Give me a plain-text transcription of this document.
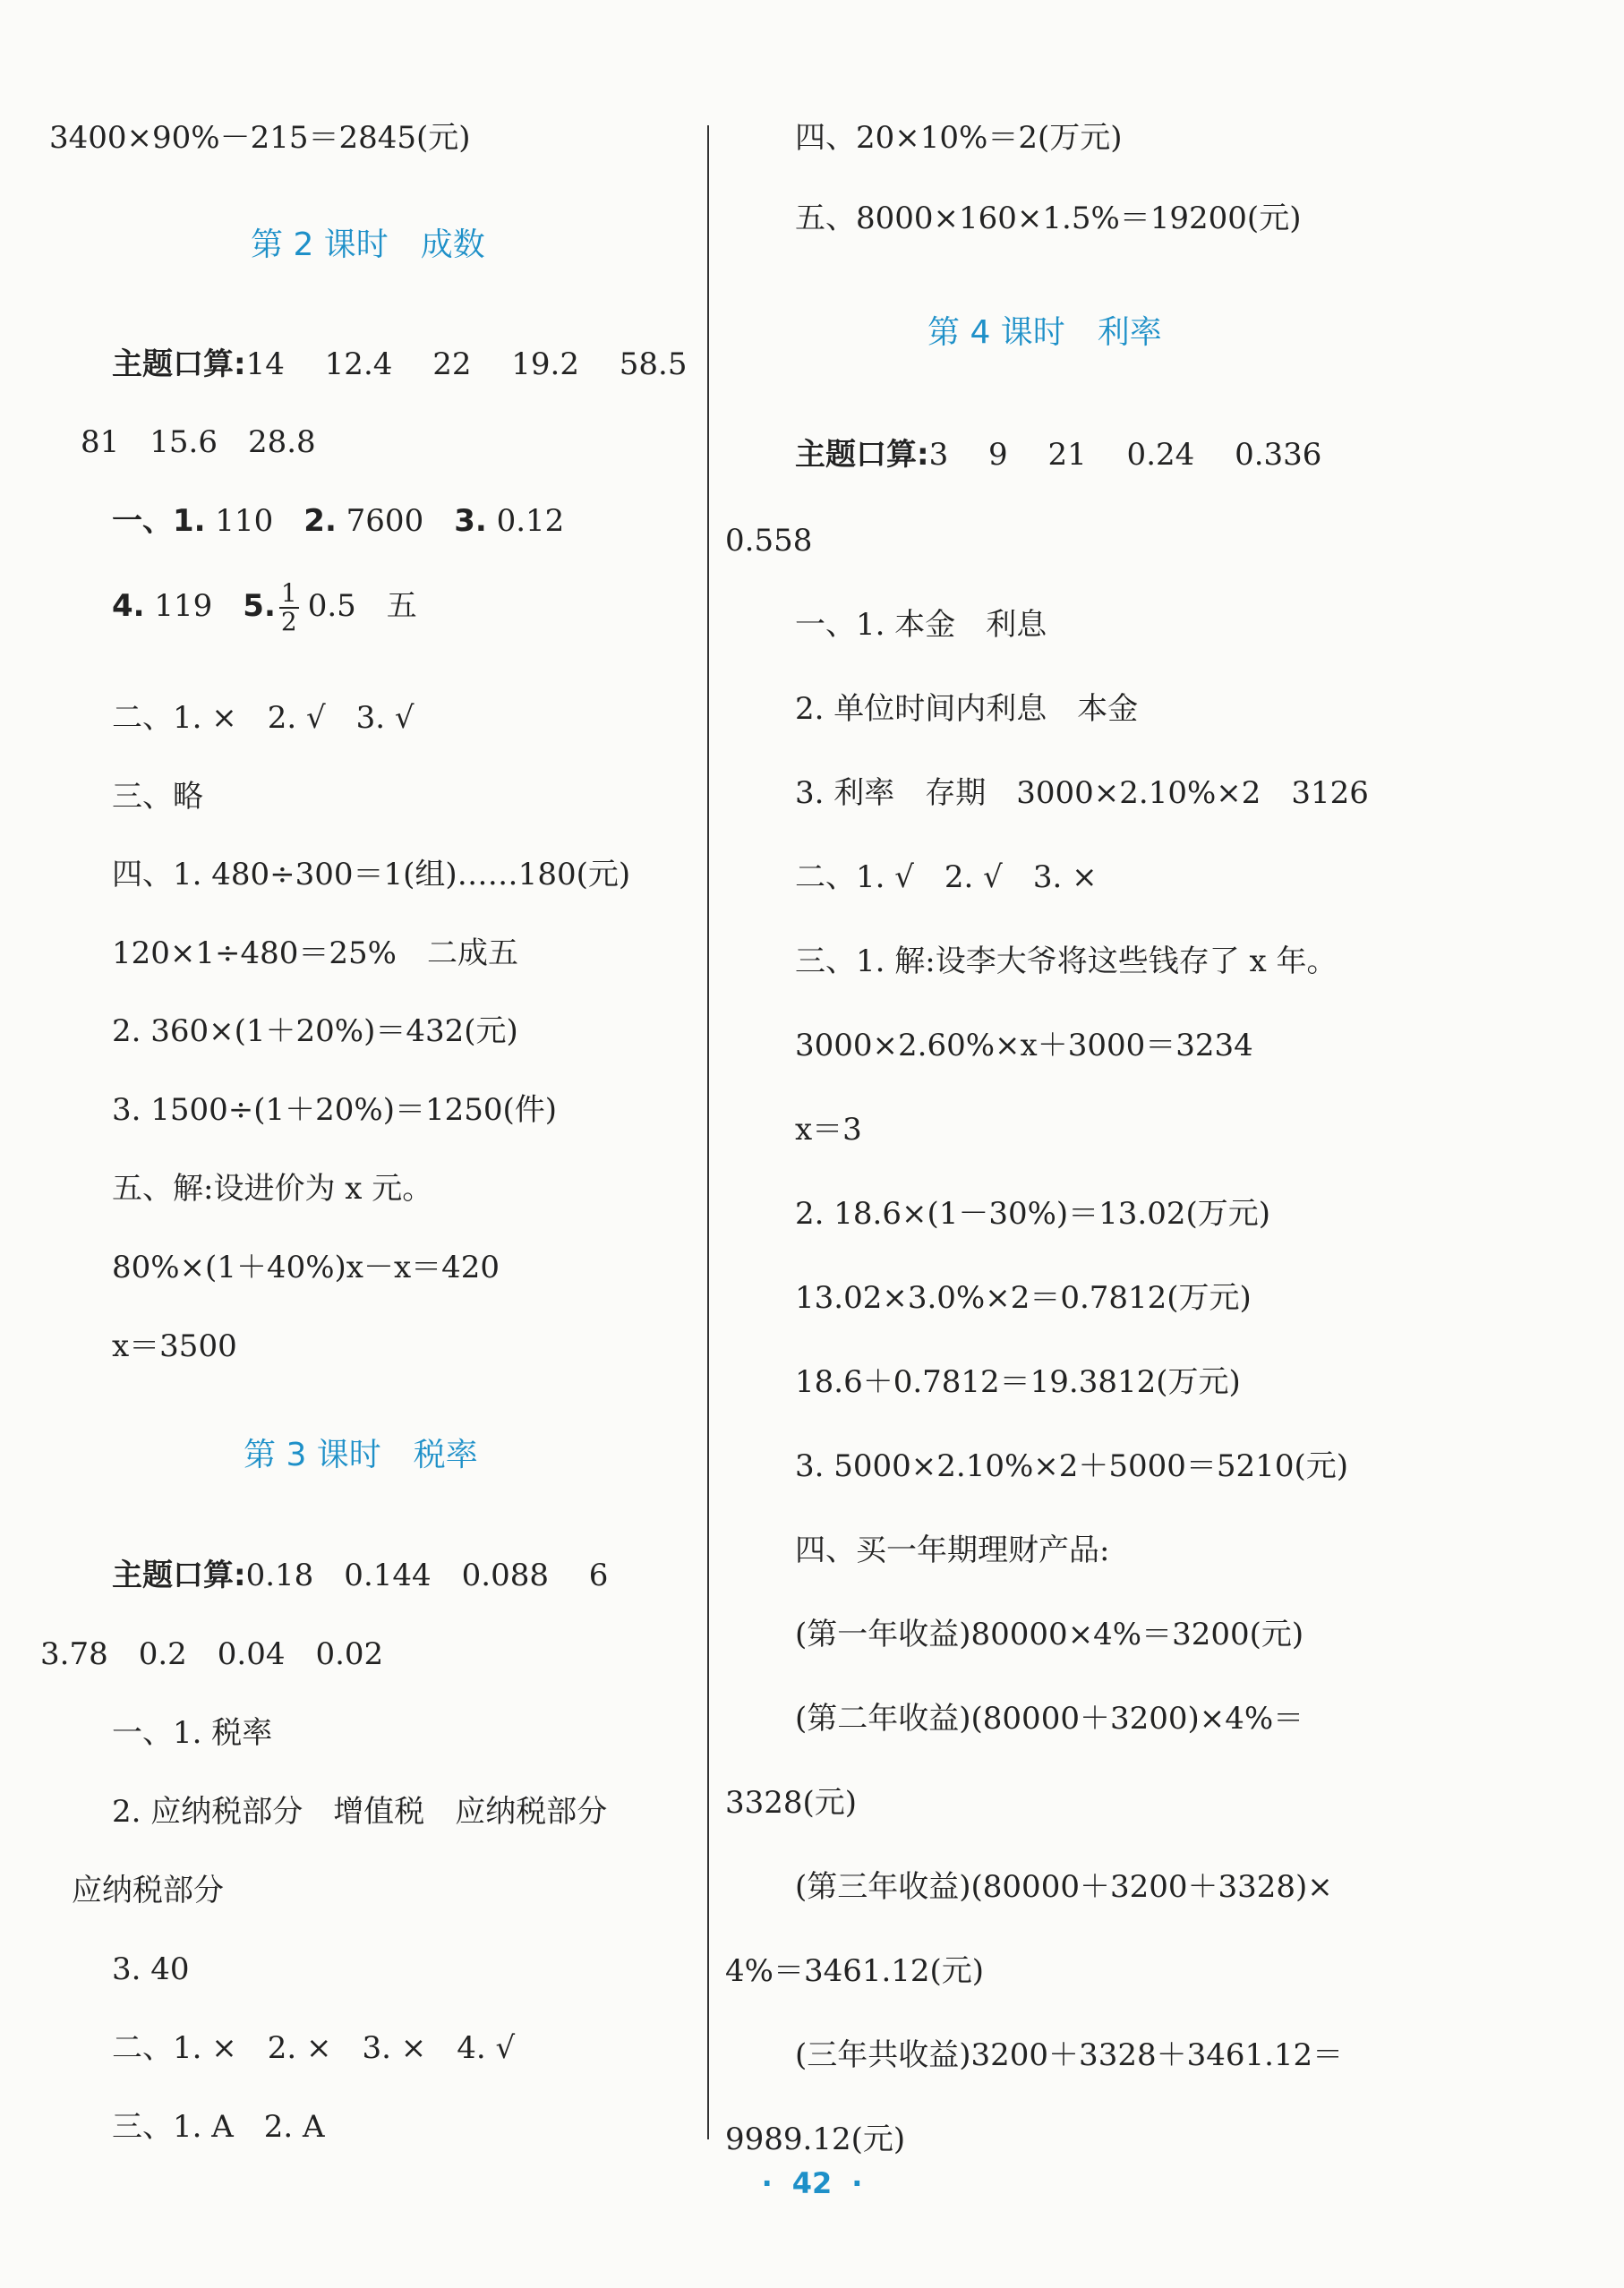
3400×90%－215＝2845(元)
第 2 课时　成数
主题口算:14　 12.4　 22　 19.2　 58.5
81　15.6　28.8
一、1. 110　2. 7600　3. 0.12
4. 119　5. $\frac{1}{2} 0.5$　五
二、1. ×　2. √　3. √
三、略
四、1. 480÷300＝1(组)……180(元)
120×1÷480＝25%　二成五
2. 360×(1＋20%)＝432(元)
3. 1500÷(1＋20%)＝1250(件)
五、解:设进价为 x 元。
80%×(1＋40%)x－x＝420
x＝3500
第 3 课时　税率
主题口算:0.18　0.144　0.088　 6
3.78　0.2　0.04　0.02
一、1. 税率
2. 应纳税部分　增值税　应纳税部分
应纳税部分
3. 40
二、1. ×　2. ×　3. ×　4. √
三、1. A　2. A
四、20×10%＝2(万元)
五、8000×160×1.5%＝19200(元)
第 4 课时　利率
主题口算:3　 9　 21　 0.24　 0.336
0.558
一、1. 本金　利息
2. 单位时间内利息　本金
3. 利率　存期　3000×2.10%×2　3126
二、1. √　2. √　3. ×
三、1. 解:设李大爷将这些钱存了 x 年。
3000×2.60%×x＋3000＝3234
x＝3
2. 18.6×(1－30%)＝13.02(万元)
13.02×3.0%×2＝0.7812(万元)
18.6＋0.7812＝19.3812(万元)
3. 5000×2.10%×2＋5000＝5210(元)
四、买一年期理财产品:
(第一年收益)80000×4%＝3200(元)
(第二年收益)(80000＋3200)×4%＝
3328(元)
(第三年收益)(80000＋3200＋3328)×
4%＝3461.12(元)
(三年共收益)3200＋3328＋3461.12＝
9989.12(元)
· 42 ·
